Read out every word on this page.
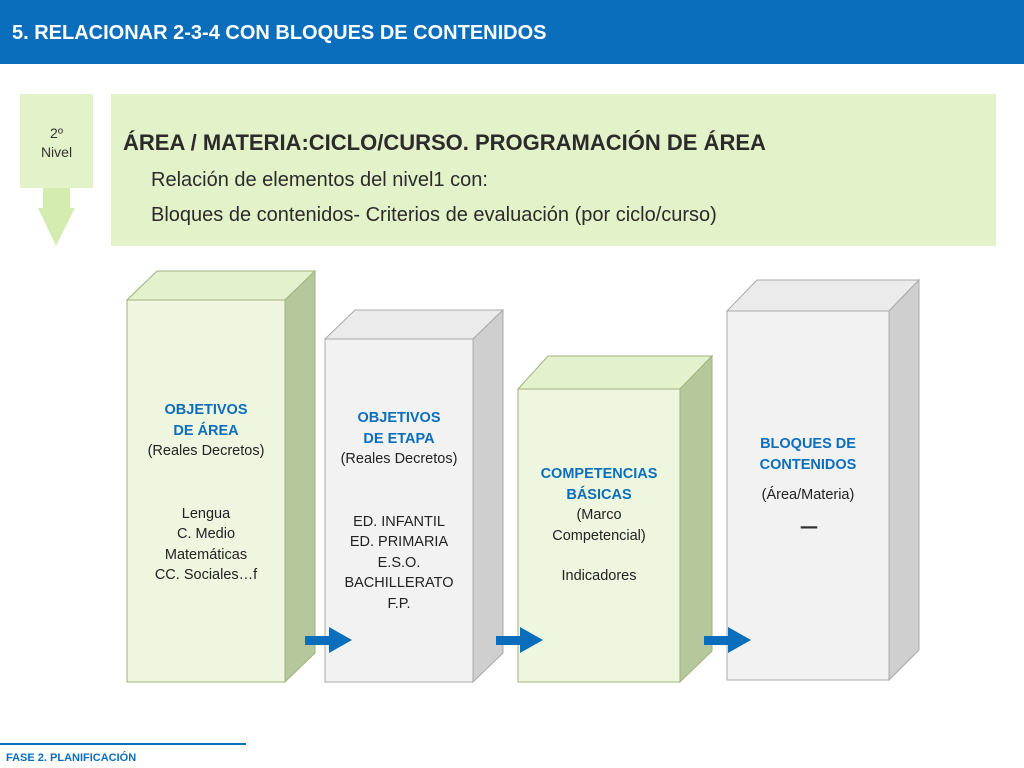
5. RELACIONAR 2-3-4 CON BLOQUES DE CONTENIDOS
2º
Nivel	ÁREA / MATERIA:CICLO/CURSO. PROGRAMACIÓN DE ÁREA
Relación de elementos del nivel1 con:
Bloques de contenidos- Criterios de evaluación (por ciclo/curso)
OBJETIVOS
DE ÁREA
(Reales Decretos)
Lengua
C. Medio
Matemáticas
CC. Sociales…f
OBJETIVOS
DE ETAPA
(Reales Decretos)
ED. INFANTIL
ED. PRIMARIA
E.S.O.
BACHILLERATO
F.P.
COMPETENCIAS
BÁSICAS
(Marco
Competencial)
Indicadores
BLOQUES DE
CONTENIDOS
(Área/Materia)
----
FASE 2. PLANIFICACIÓN
